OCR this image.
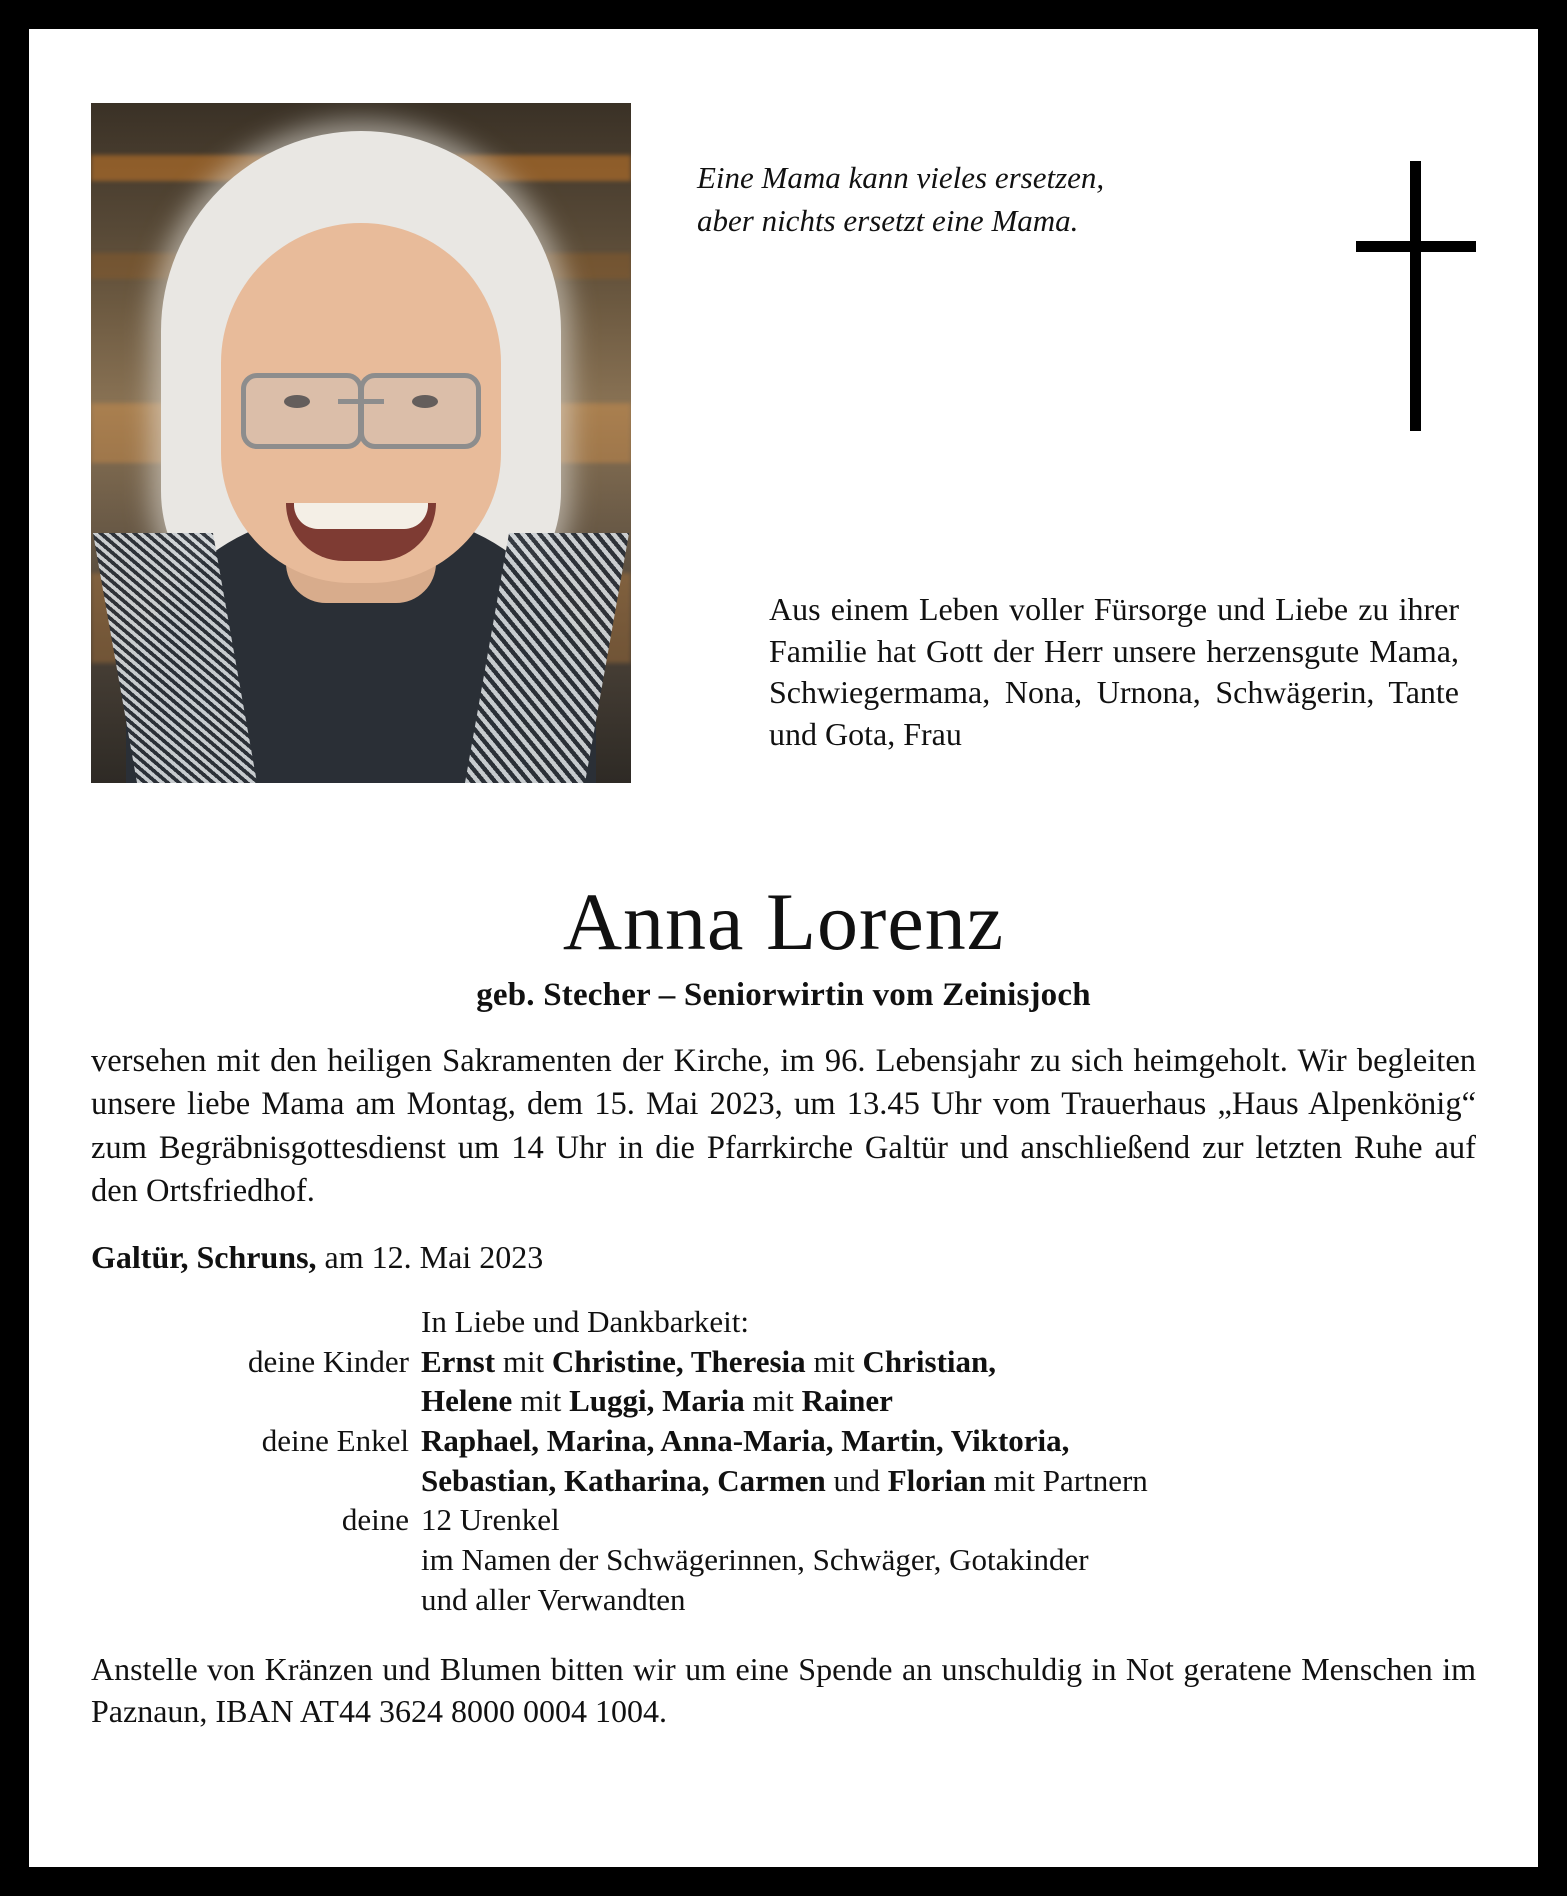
Eine Mama kann vieles ersetzen,
aber nichts ersetzt eine Mama.
Aus einem Leben voller Fürsorge und Liebe zu ihrer Familie hat Gott der Herr unsere herzensgute Mama, Schwiegermama, Nona, Urnona, Schwägerin, Tante und Gota, Frau
Anna Lorenz
geb. Stecher – Seniorwirtin vom Zeinisjoch
versehen mit den heiligen Sakramenten der Kirche, im 96. Lebensjahr zu sich heimgeholt. Wir begleiten unsere liebe Mama am Montag, dem 15. Mai 2023, um 13.45 Uhr vom Trauerhaus „Haus Alpenkönig“ zum Begräbnisgottesdienst um 14 Uhr in die Pfarrkirche Galtür und anschließend zur letzten Ruhe auf den Ortsfriedhof.
Galtür, Schruns, am 12. Mai 2023
In Liebe und Dankbarkeit:
deine Kinder Ernst mit Christine, Theresia mit Christian,
Helene mit Luggi, Maria mit Rainer
deine Enkel Raphael, Marina, Anna-Maria, Martin, Viktoria,
Sebastian, Katharina, Carmen und Florian mit Partnern
deine 12 Urenkel
im Namen der Schwägerinnen, Schwäger, Gotakinder
und aller Verwandten
Anstelle von Kränzen und Blumen bitten wir um eine Spende an unschuldig in Not geratene Menschen im Paznaun, IBAN AT44 3624 8000 0004 1004.
